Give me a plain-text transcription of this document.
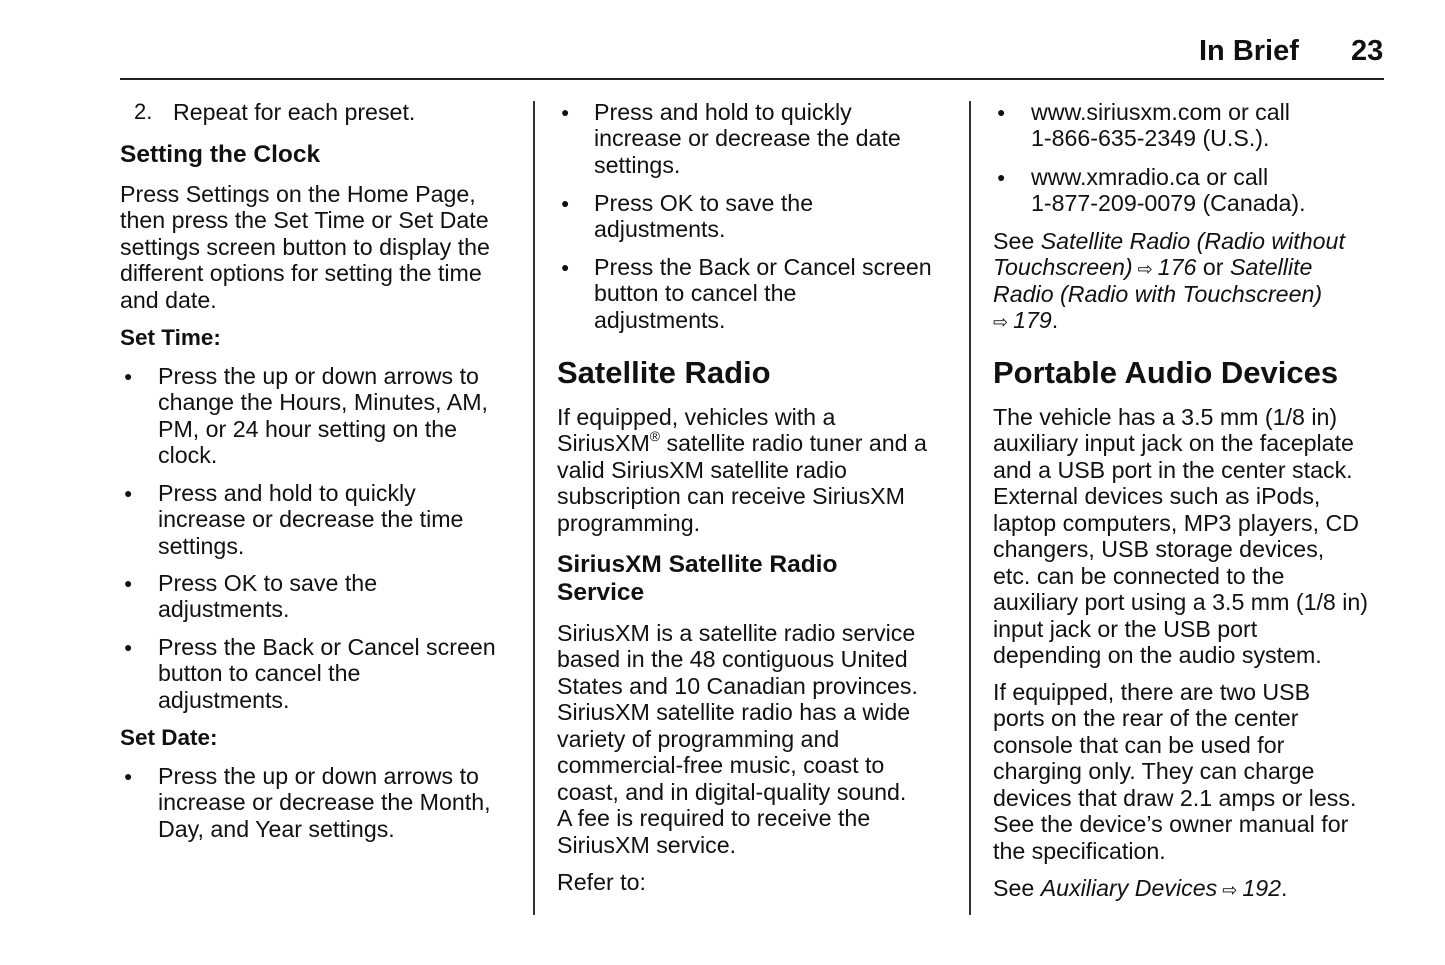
In Brief 23
2. Repeat for each preset.
Setting the Clock
Press Settings on the Home Page,
then press the Set Time or Set Date
settings screen button to display the
different options for setting the time
and date.
Set Time:
● Press the up or down arrows to
change the Hours, Minutes, AM,
PM, or 24 hour setting on the
clock.
● Press and hold to quickly
increase or decrease the time
settings.
● Press OK to save the
adjustments.
● Press the Back or Cancel screen
button to cancel the
adjustments.
Set Date:
● Press the up or down arrows to
increase or decrease the Month,
Day, and Year settings.
● Press and hold to quickly
increase or decrease the date
settings.
● Press OK to save the
adjustments.
● Press the Back or Cancel screen
button to cancel the
adjustments.
Satellite Radio
If equipped, vehicles with a
SiriusXM® satellite radio tuner and a
valid SiriusXM satellite radio
subscription can receive SiriusXM
programming.
SiriusXM Satellite Radio
Service
SiriusXM is a satellite radio service
based in the 48 contiguous United
States and 10 Canadian provinces.
SiriusXM satellite radio has a wide
variety of programming and
commercial-free music, coast to
coast, and in digital-quality sound.
A fee is required to receive the
SiriusXM service.
Refer to:
● www.siriusxm.com or call
1-866-635-2349 (U.S.).
● www.xmradio.ca or call
1-877-209-0079 (Canada).
See Satellite Radio (Radio without
Touchscreen) ⇨ 176 or Satellite
Radio (Radio with Touchscreen)
⇨ 179.
Portable Audio Devices
The vehicle has a 3.5 mm (1/8 in)
auxiliary input jack on the faceplate
and a USB port in the center stack.
External devices such as iPods,
laptop computers, MP3 players, CD
changers, USB storage devices,
etc. can be connected to the
auxiliary port using a 3.5 mm (1/8 in)
input jack or the USB port
depending on the audio system.
If equipped, there are two USB
ports on the rear of the center
console that can be used for
charging only. They can charge
devices that draw 2.1 amps or less.
See the device’s owner manual for
the specification.
See Auxiliary Devices ⇨ 192.
